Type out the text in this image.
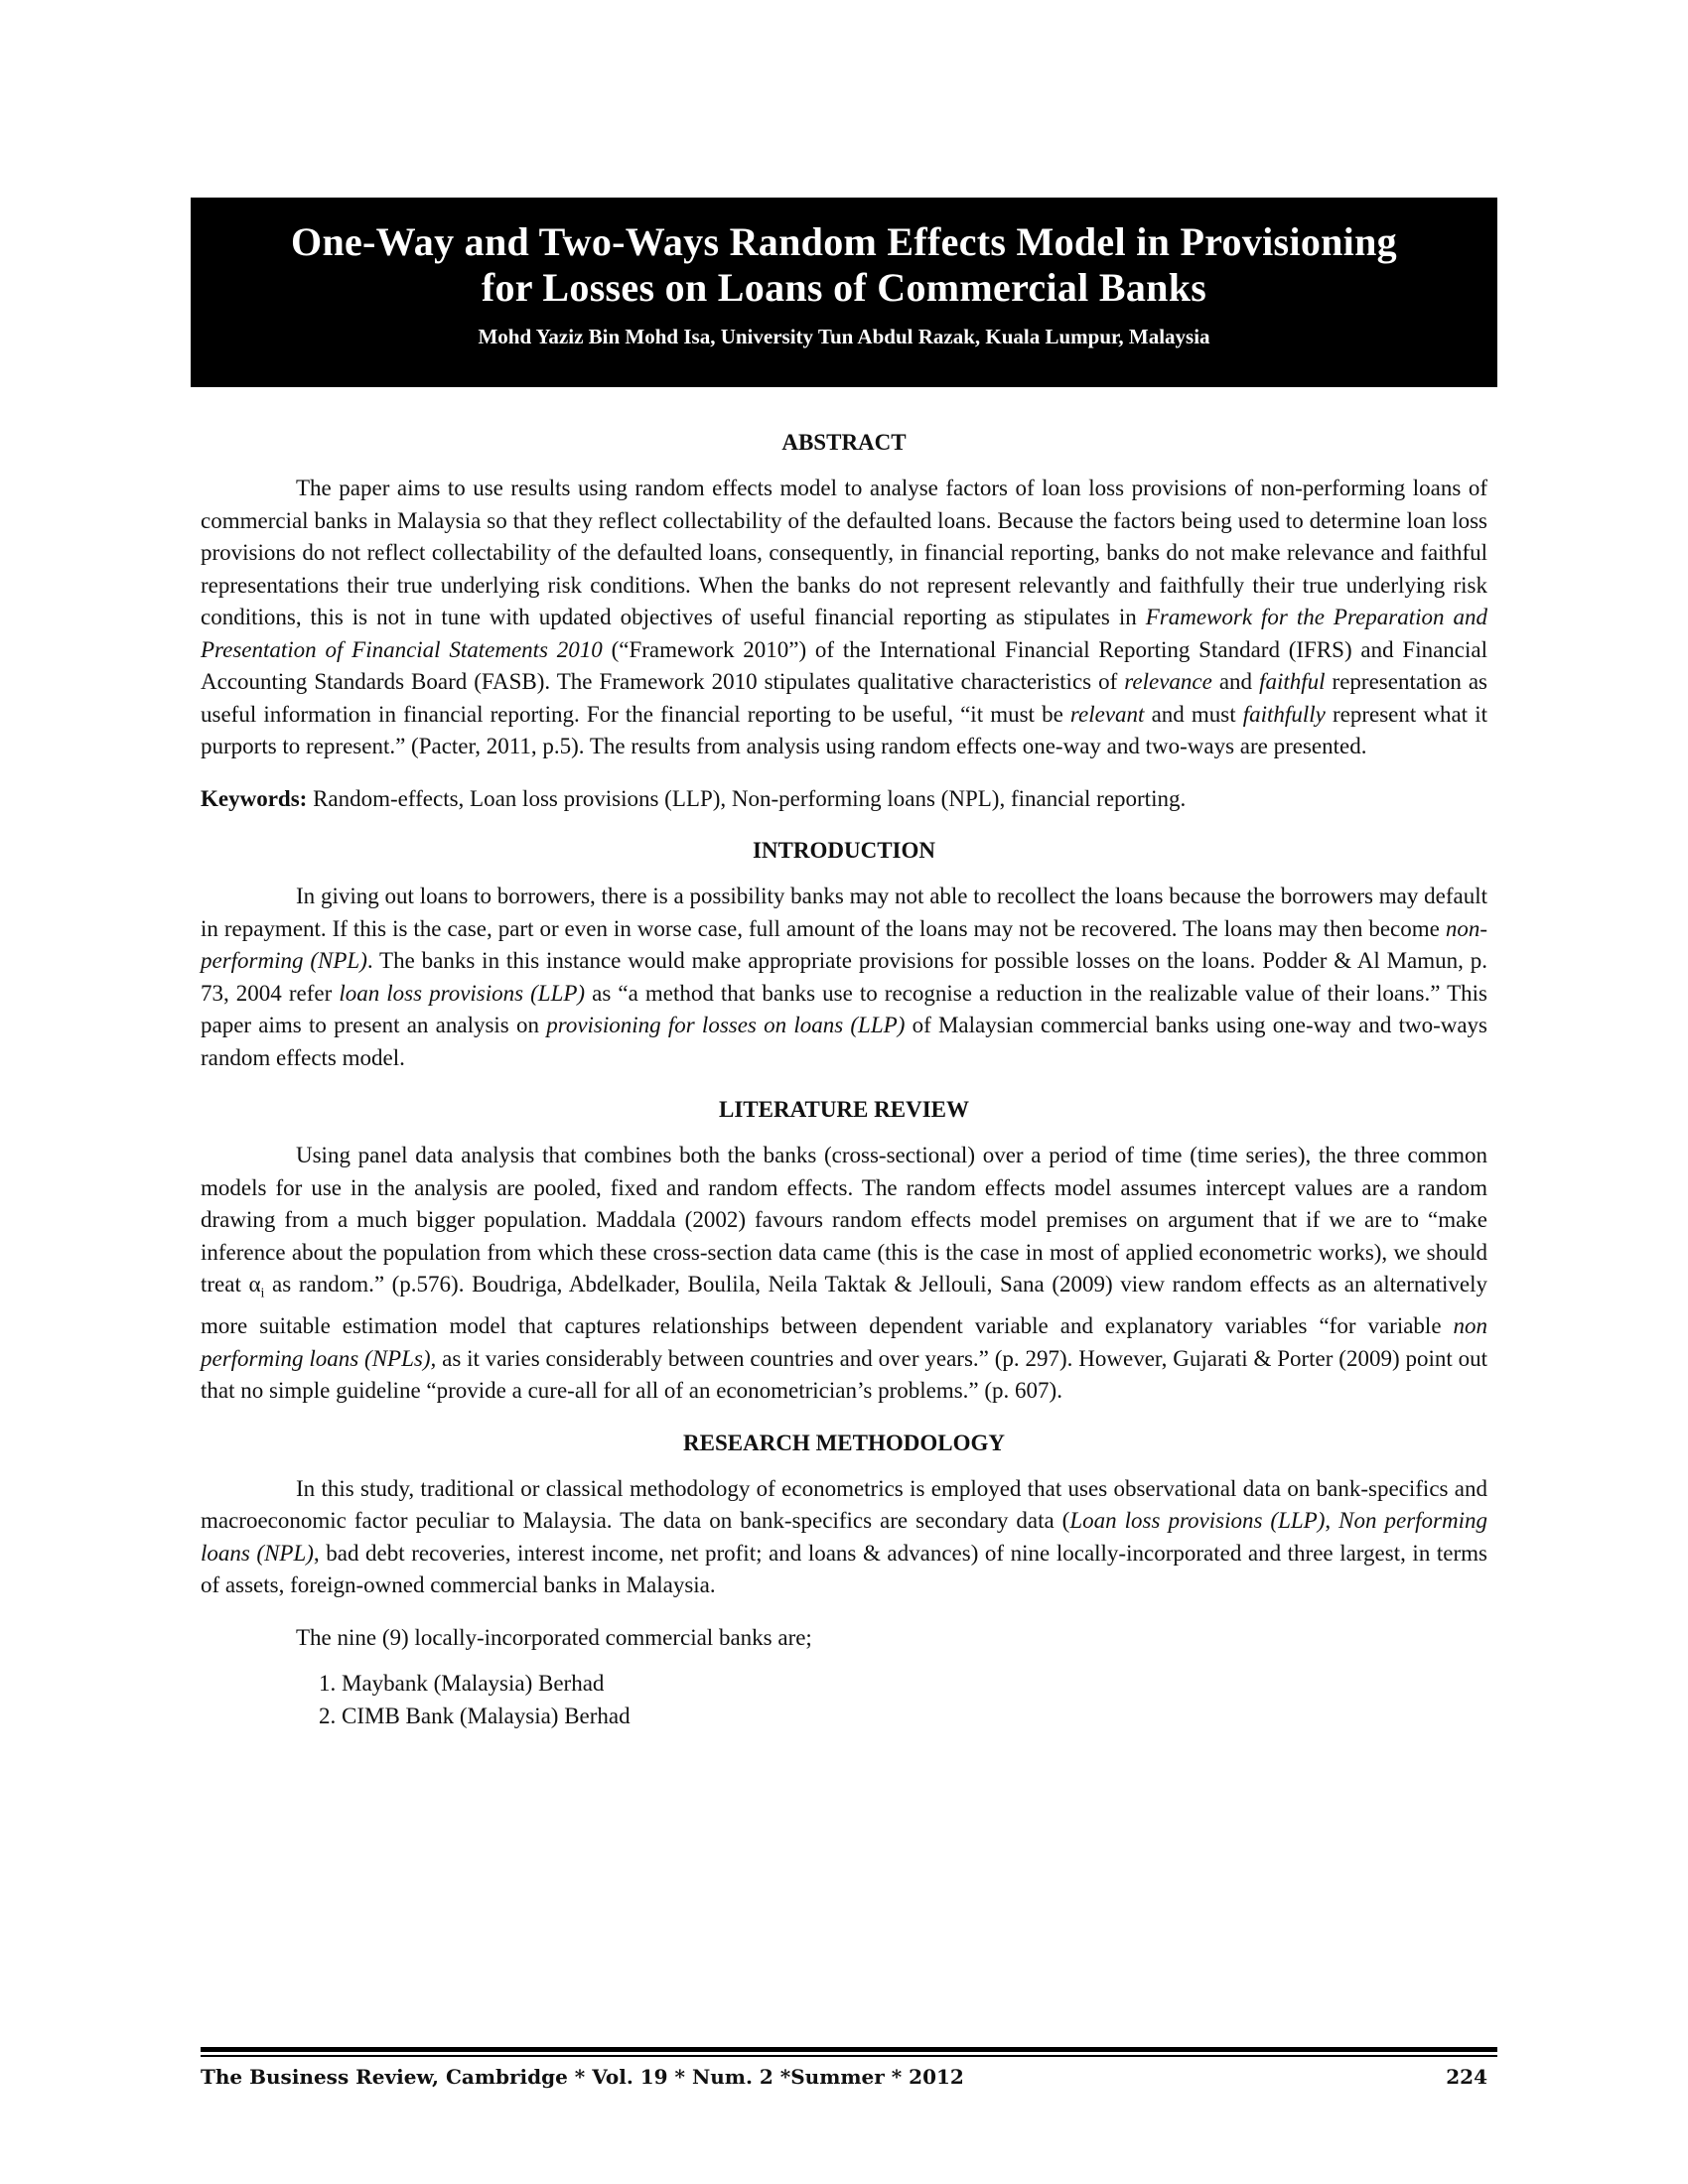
One-Way and Two-Ways Random Effects Model in Provisioning
for Losses on Loans of Commercial Banks
Mohd Yaziz Bin Mohd Isa, University Tun Abdul Razak, Kuala Lumpur, Malaysia
ABSTRACT

The paper aims to use results using random effects model to analyse factors of loan loss provisions of non-performing loans of commercial banks in Malaysia so that they reflect collectability of the defaulted loans. Because the factors being used to determine loan loss provisions do not reflect collectability of the defaulted loans, consequently, in financial reporting, banks do not make relevance and faithful representations their true underlying risk conditions. When the banks do not represent relevantly and faithfully their true underlying risk conditions, this is not in tune with updated objectives of useful financial reporting as stipulates in Framework for the Preparation and Presentation of Financial Statements 2010 (“Framework 2010”) of the International Financial Reporting Standard (IFRS) and Financial Accounting Standards Board (FASB). The Framework 2010 stipulates qualitative characteristics of relevance and faithful representation as useful information in financial reporting. For the financial reporting to be useful, “it must be relevant and must faithfully represent what it purports to represent.” (Pacter, 2011, p.5). The results from analysis using random effects one-way and two-ways are presented.

Keywords: Random-effects, Loan loss provisions (LLP), Non-performing loans (NPL), financial reporting.

INTRODUCTION

In giving out loans to borrowers, there is a possibility banks may not able to recollect the loans because the borrowers may default in repayment. If this is the case, part or even in worse case, full amount of the loans may not be recovered. The loans may then become non-performing (NPL). The banks in this instance would make appropriate provisions for possible losses on the loans. Podder & Al Mamun, p. 73, 2004 refer loan loss provisions (LLP) as “a method that banks use to recognise a reduction in the realizable value of their loans.” This paper aims to present an analysis on provisioning for losses on loans (LLP) of Malaysian commercial banks using one-way and two-ways random effects model.

LITERATURE REVIEW

Using panel data analysis that combines both the banks (cross-sectional) over a period of time (time series), the three common models for use in the analysis are pooled, fixed and random effects. The random effects model assumes intercept values are a random drawing from a much bigger population. Maddala (2002) favours random effects model premises on argument that if we are to “make inference about the population from which these cross-section data came (this is the case in most of applied econometric works), we should treat $\alpha_i$ as random.” (p.576). Boudriga, Abdelkader, Boulila, Neila Taktak & Jellouli, Sana (2009) view random effects as an alternatively more suitable estimation model that captures relationships between dependent variable and explanatory variables “for variable non performing loans (NPLs), as it varies considerably between countries and over years.” (p. 297). However, Gujarati & Porter (2009) point out that no simple guideline “provide a cure-all for all of an econometrician’s problems.” (p. 607).

RESEARCH METHODOLOGY

In this study, traditional or classical methodology of econometrics is employed that uses observational data on bank-specifics and macroeconomic factor peculiar to Malaysia. The data on bank-specifics are secondary data (Loan loss provisions (LLP), Non performing loans (NPL), bad debt recoveries, interest income, net profit; and loans & advances) of nine locally-incorporated and three largest, in terms of assets, foreign-owned commercial banks in Malaysia.

The nine (9) locally-incorporated commercial banks are;

1. Maybank (Malaysia) Berhad
2. CIMB Bank (Malaysia) Berhad
The Business Review, Cambridge * Vol. 19 * Num. 2 *Summer * 2012	224
